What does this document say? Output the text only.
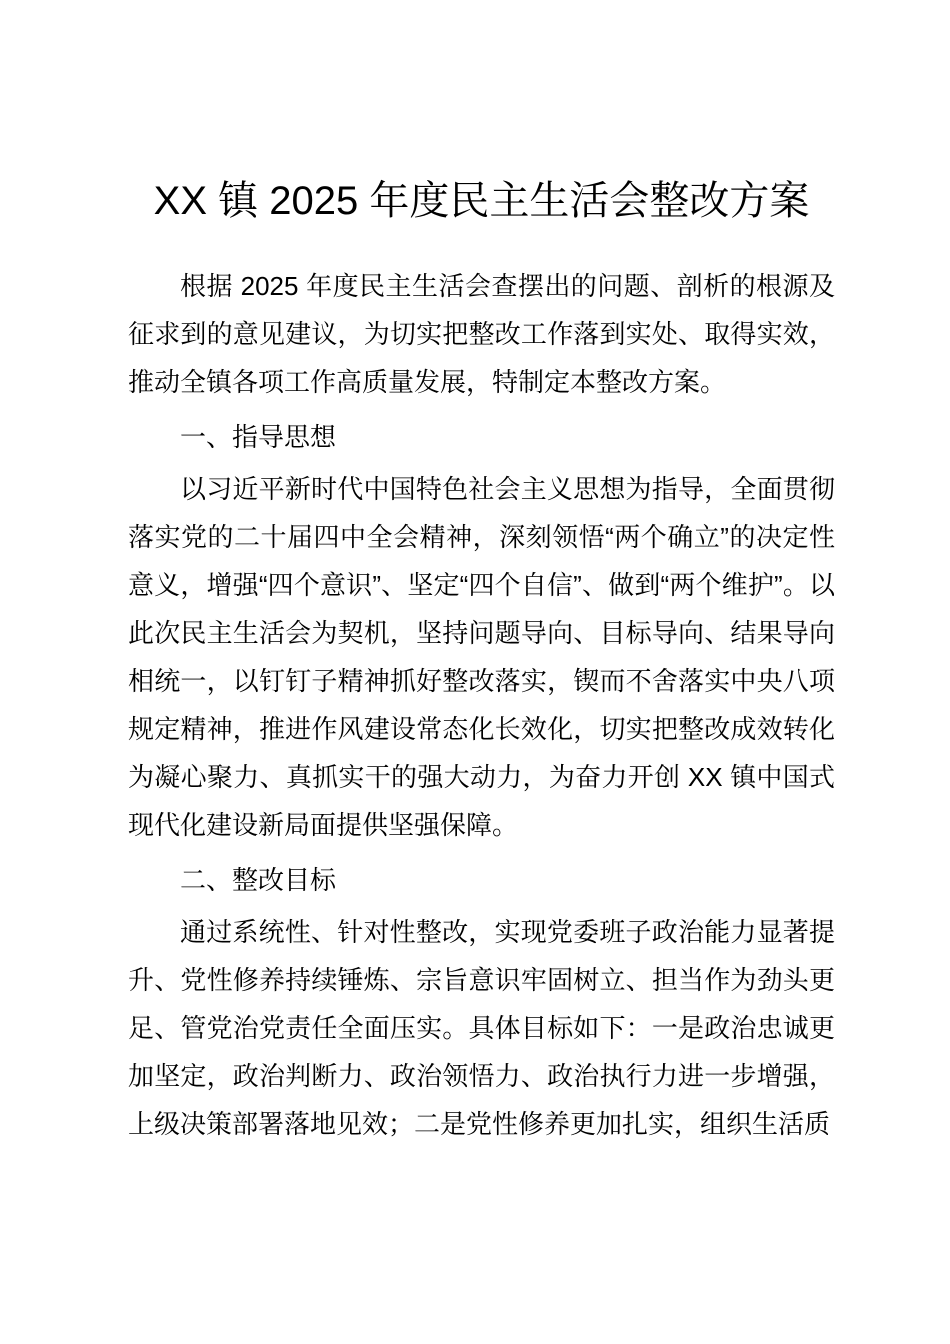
XX 镇 2025 年度民主生活会整改方案

根据 2025 年度民主生活会查摆出的问题、剖析的根源及征求到的意见建议，为切实把整改工作落到实处、取得实效，推动全镇各项工作高质量发展，特制定本整改方案。

一、指导思想

以习近平新时代中国特色社会主义思想为指导，全面贯彻落实党的二十届四中全会精神，深刻领悟“两个确立”的决定性意义，增强“四个意识”、坚定“四个自信”、做到“两个维护”。以此次民主生活会为契机，坚持问题导向、目标导向、结果导向相统一，以钉钉子精神抓好整改落实，锲而不舍落实中央八项规定精神，推进作风建设常态化长效化，切实把整改成效转化为凝心聚力、真抓实干的强大动力，为奋力开创 XX 镇中国式现代化建设新局面提供坚强保障。

二、整改目标

通过系统性、针对性整改，实现党委班子政治能力显著提升、党性修养持续锤炼、宗旨意识牢固树立、担当作为劲头更足、管党治党责任全面压实。具体目标如下：一是政治忠诚更加坚定，政治判断力、政治领悟力、政治执行力进一步增强，上级决策部署落地见效；二是党性修养更加扎实，组织生活质
